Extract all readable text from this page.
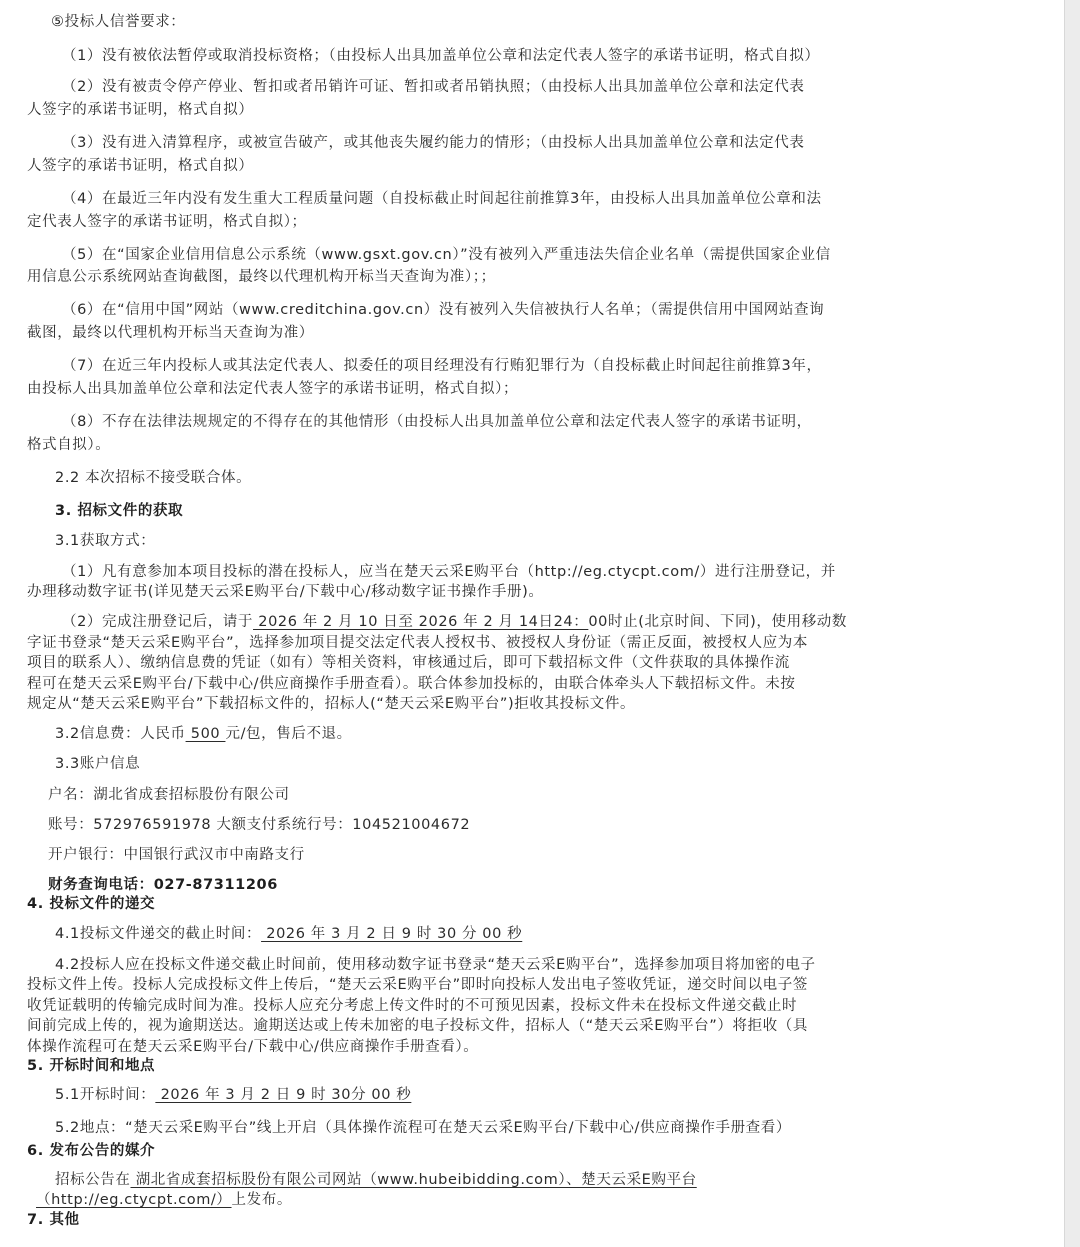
⑤投标人信誉要求：
（1）没有被依法暂停或取消投标资格；（由投标人出具加盖单位公章和法定代表人签字的承诺书证明，格式自拟）
（2）没有被责令停产停业、暂扣或者吊销许可证、暂扣或者吊销执照；（由投标人出具加盖单位公章和法定代表
人签字的承诺书证明，格式自拟）
（3）没有进入清算程序，或被宣告破产，或其他丧失履约能力的情形；（由投标人出具加盖单位公章和法定代表
人签字的承诺书证明，格式自拟）
（4）在最近三年内没有发生重大工程质量问题（自投标截止时间起往前推算3年，由投标人出具加盖单位公章和法
定代表人签字的承诺书证明，格式自拟）；
（5）在“国家企业信用信息公示系统（www.gsxt.gov.cn）”没有被列入严重违法失信企业名单（需提供国家企业信
用信息公示系统网站查询截图，最终以代理机构开标当天查询为准）；；
（6）在“信用中国”网站（www.creditchina.gov.cn）没有被列入失信被执行人名单；（需提供信用中国网站查询
截图，最终以代理机构开标当天查询为准）
（7）在近三年内投标人或其法定代表人、拟委任的项目经理没有行贿犯罪行为（自投标截止时间起往前推算3年，
由投标人出具加盖单位公章和法定代表人签字的承诺书证明，格式自拟）；
（8）不存在法律法规规定的不得存在的其他情形（由投标人出具加盖单位公章和法定代表人签字的承诺书证明，
格式自拟）。
2.2 本次招标不接受联合体。
3. 招标文件的获取
3.1获取方式：
（1）凡有意参加本项目投标的潜在投标人，应当在楚天云采E购平台（http://eg.ctycpt.com/）进行注册登记，并
办理移动数字证书(详见楚天云采E购平台/下载中心/移动数字证书操作手册)。
（2）完成注册登记后，请于 2026 年 2 月 10 日至 2026 年 2 月 14日24：00时止(北京时间、下同)，使用移动数
字证书登录“楚天云采E购平台”，选择参加项目提交法定代表人授权书、被授权人身份证（需正反面，被授权人应为本
项目的联系人）、缴纳信息费的凭证（如有）等相关资料，审核通过后，即可下载招标文件（文件获取的具体操作流
程可在楚天云采E购平台/下载中心/供应商操作手册查看）。联合体参加投标的，由联合体牵头人下载招标文件。未按
规定从“楚天云采E购平台”下载招标文件的，招标人(“楚天云采E购平台”)拒收其投标文件。
3.2信息费：人民币 500 元/包，售后不退。
3.3账户信息
户名：湖北省成套招标股份有限公司
账号：572976591978 大额支付系统行号：104521004672
开户银行：中国银行武汉市中南路支行
财务查询电话：027-87311206
4. 投标文件的递交
4.1投标文件递交的截止时间： 2026 年 3 月 2 日 9 时 30 分 00 秒
4.2投标人应在投标文件递交截止时间前，使用移动数字证书登录“楚天云采E购平台”，选择参加项目将加密的电子
投标文件上传。投标人完成投标文件上传后，“楚天云采E购平台”即时向投标人发出电子签收凭证，递交时间以电子签
收凭证载明的传输完成时间为准。投标人应充分考虑上传文件时的不可预见因素，投标文件未在投标文件递交截止时
间前完成上传的，视为逾期送达。逾期送达或上传未加密的电子投标文件，招标人（“楚天云采E购平台”）将拒收（具
体操作流程可在楚天云采E购平台/下载中心/供应商操作手册查看）。
5. 开标时间和地点
5.1开标时间： 2026 年 3 月 2 日 9 时 30分 00 秒
5.2地点：“楚天云采E购平台”线上开启（具体操作流程可在楚天云采E购平台/下载中心/供应商操作手册查看）
6. 发布公告的媒介
招标公告在 湖北省成套招标股份有限公司网站（www.hubeibidding.com）、楚天云采E购平台
（http://eg.ctycpt.com/）上发布。
7. 其他
